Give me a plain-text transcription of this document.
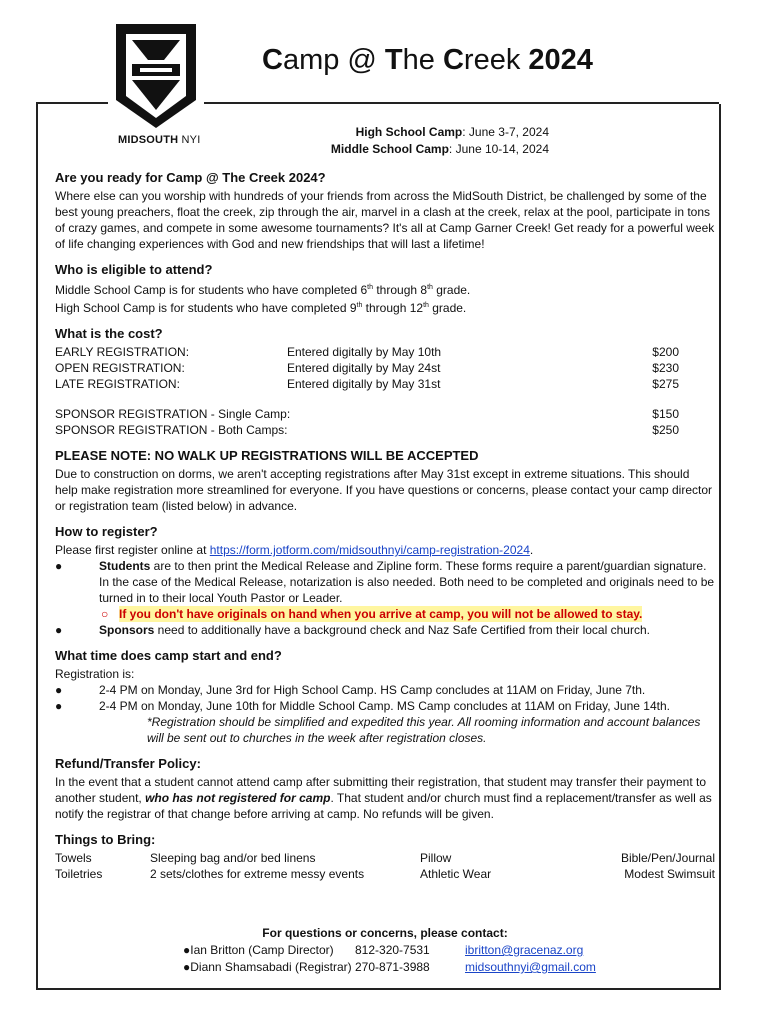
MIDSOUTH NYI
Camp @ The Creek 2024
High School Camp: June 3-7, 2024
Middle School Camp: June 10-14, 2024
Are you ready for Camp @ The Creek 2024?

Where else can you worship with hundreds of your friends from across the MidSouth District, be challenged by some of the best young preachers, float the creek, zip through the air, marvel in a clash at the creek, relax at the pool, participate in tons of crazy games, and compete in some awesome tournaments? It's all at Camp Garner Creek! Get ready for a powerful week of life changing experiences with God and new friendships that will last a lifetime!

Who is eligible to attend?

Middle School Camp is for students who have completed 6th through 8th grade.

High School Camp is for students who have completed 9th through 12th grade.

What is the cost?
EARLY REGISTRATION:	Entered digitally by May 10th	$200
OPEN REGISTRATION:	Entered digitally by May 24st	$230
LATE REGISTRATION:	Entered digitally by May 31st	$275
SPONSOR REGISTRATION - Single Camp:	$150
SPONSOR REGISTRATION - Both Camps:	$250
PLEASE NOTE: NO WALK UP REGISTRATIONS WILL BE ACCEPTED

Due to construction on dorms, we aren't accepting registrations after May 31st except in extreme situations. This should help make registration more streamlined for everyone. If you have questions or concerns, please contact your camp director or registration team (listed below) in advance.

How to register?

Please first register online at https://form.jotform.com/midsouthnyi/camp-registration-2024.

●	Students are to then print the Medical Release and Zipline form. These forms require a parent/guardian signature. In the case of the Medical Release, notarization is also needed. Both need to be completed and originals need to be turned in to their local Youth Pastor or Leader.
○ If you don't have originals on hand when you arrive at camp, you will not be allowed to stay.
●	Sponsors need to additionally have a background check and Naz Safe Certified from their local church.
What time does camp start and end?

Registration is:

●	2-4 PM on Monday, June 3rd for High School Camp. HS Camp concludes at 11AM on Friday, June 7th.
●	2-4 PM on Monday, June 10th for Middle School Camp. MS Camp concludes at 11AM on Friday, June 14th.

*Registration should be simplified and expedited this year. All rooming information and account balances will be sent out to churches in the week after registration closes.

Refund/Transfer Policy:

In the event that a student cannot attend camp after submitting their registration, that student may transfer their payment to another student, who has not registered for camp. That student and/or church must find a replacement/transfer as well as notify the registrar of that change before arriving at camp. No refunds will be given.

Things to Bring:
Towels	Sleeping bag and/or bed linens	Pillow	Bible/Pen/Journal
Toiletries	2 sets/clothes for extreme messy events	Athletic Wear	Modest Swimsuit
For questions or concerns, please contact:
●Ian Britton (Camp Director)	812-320-7531	ibritton@gracenaz.org
●Diann Shamsabadi (Registrar) 270-871-3988	midsouthnyi@gmail.com
